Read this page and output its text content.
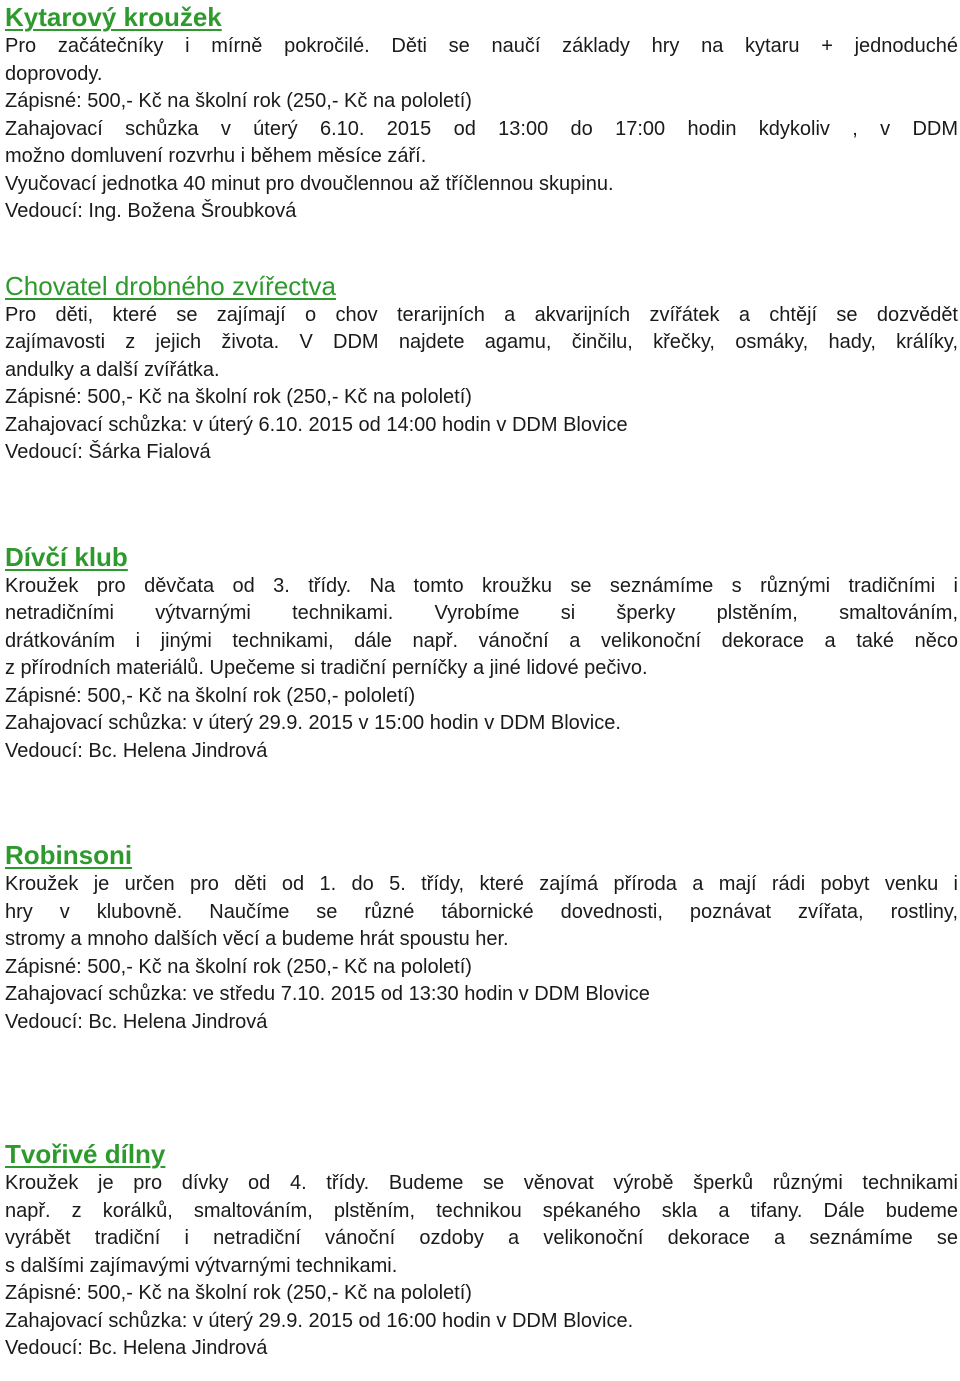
Kytarový kroužek

Pro začátečníky i mírně pokročilé. Děti se naučí základy hry na kytaru + jednoduché

doprovody.

Zápisné: 500,- Kč na školní rok (250,- Kč na pololetí)

Zahajovací schůzka v úterý 6.10. 2015 od 13:00 do 17:00 hodin kdykoliv , v DDM

možno domluvení rozvrhu i během měsíce září.

Vyučovací jednotka 40 minut pro dvoučlennou až tříčlennou skupinu.

Vedoucí: Ing. Božena Šroubková

Chovatel drobného zvířectva

Pro děti, které se zajímají o chov terarijních a akvarijních zvířátek a chtějí se dozvědět

zajímavosti z jejich života. V DDM najdete agamu, činčilu, křečky, osmáky, hady, králíky,

andulky a další zvířátka.

Zápisné: 500,- Kč na školní rok (250,- Kč na pololetí)

Zahajovací schůzka: v úterý 6.10. 2015 od 14:00 hodin v DDM Blovice

Vedoucí: Šárka Fialová

Dívčí klub

Kroužek pro děvčata od 3. třídy. Na tomto kroužku se seznámíme s různými tradičními i

netradičními výtvarnými technikami. Vyrobíme si šperky plstěním, smaltováním,

drátkováním i jinými technikami, dále např. vánoční a velikonoční dekorace a také něco

z přírodních materiálů. Upečeme si tradiční perníčky a jiné lidové pečivo.

Zápisné: 500,- Kč na školní rok (250,- pololetí)

Zahajovací schůzka: v úterý 29.9. 2015 v 15:00 hodin v DDM Blovice.

Vedoucí: Bc. Helena Jindrová

Robinsoni

Kroužek je určen pro děti od 1. do 5. třídy, které zajímá příroda a mají rádi pobyt venku i

hry v klubovně. Naučíme se různé tábornické dovednosti, poznávat zvířata, rostliny,

stromy a mnoho dalších věcí a budeme hrát spoustu her.

Zápisné: 500,- Kč na školní rok (250,- Kč na pololetí)

Zahajovací schůzka: ve středu 7.10. 2015 od 13:30 hodin v DDM Blovice

Vedoucí: Bc. Helena Jindrová

Tvořivé dílny

Kroužek je pro dívky od 4. třídy. Budeme se věnovat výrobě šperků různými technikami

např. z korálků, smaltováním, plstěním, technikou spékaného skla a tifany. Dále budeme

vyrábět tradiční i netradiční vánoční ozdoby a velikonoční dekorace a seznámíme se

s dalšími zajímavými výtvarnými technikami.

Zápisné: 500,- Kč na školní rok (250,- Kč na pololetí)

Zahajovací schůzka: v úterý 29.9. 2015 od 16:00 hodin v DDM Blovice.

Vedoucí: Bc. Helena Jindrová
